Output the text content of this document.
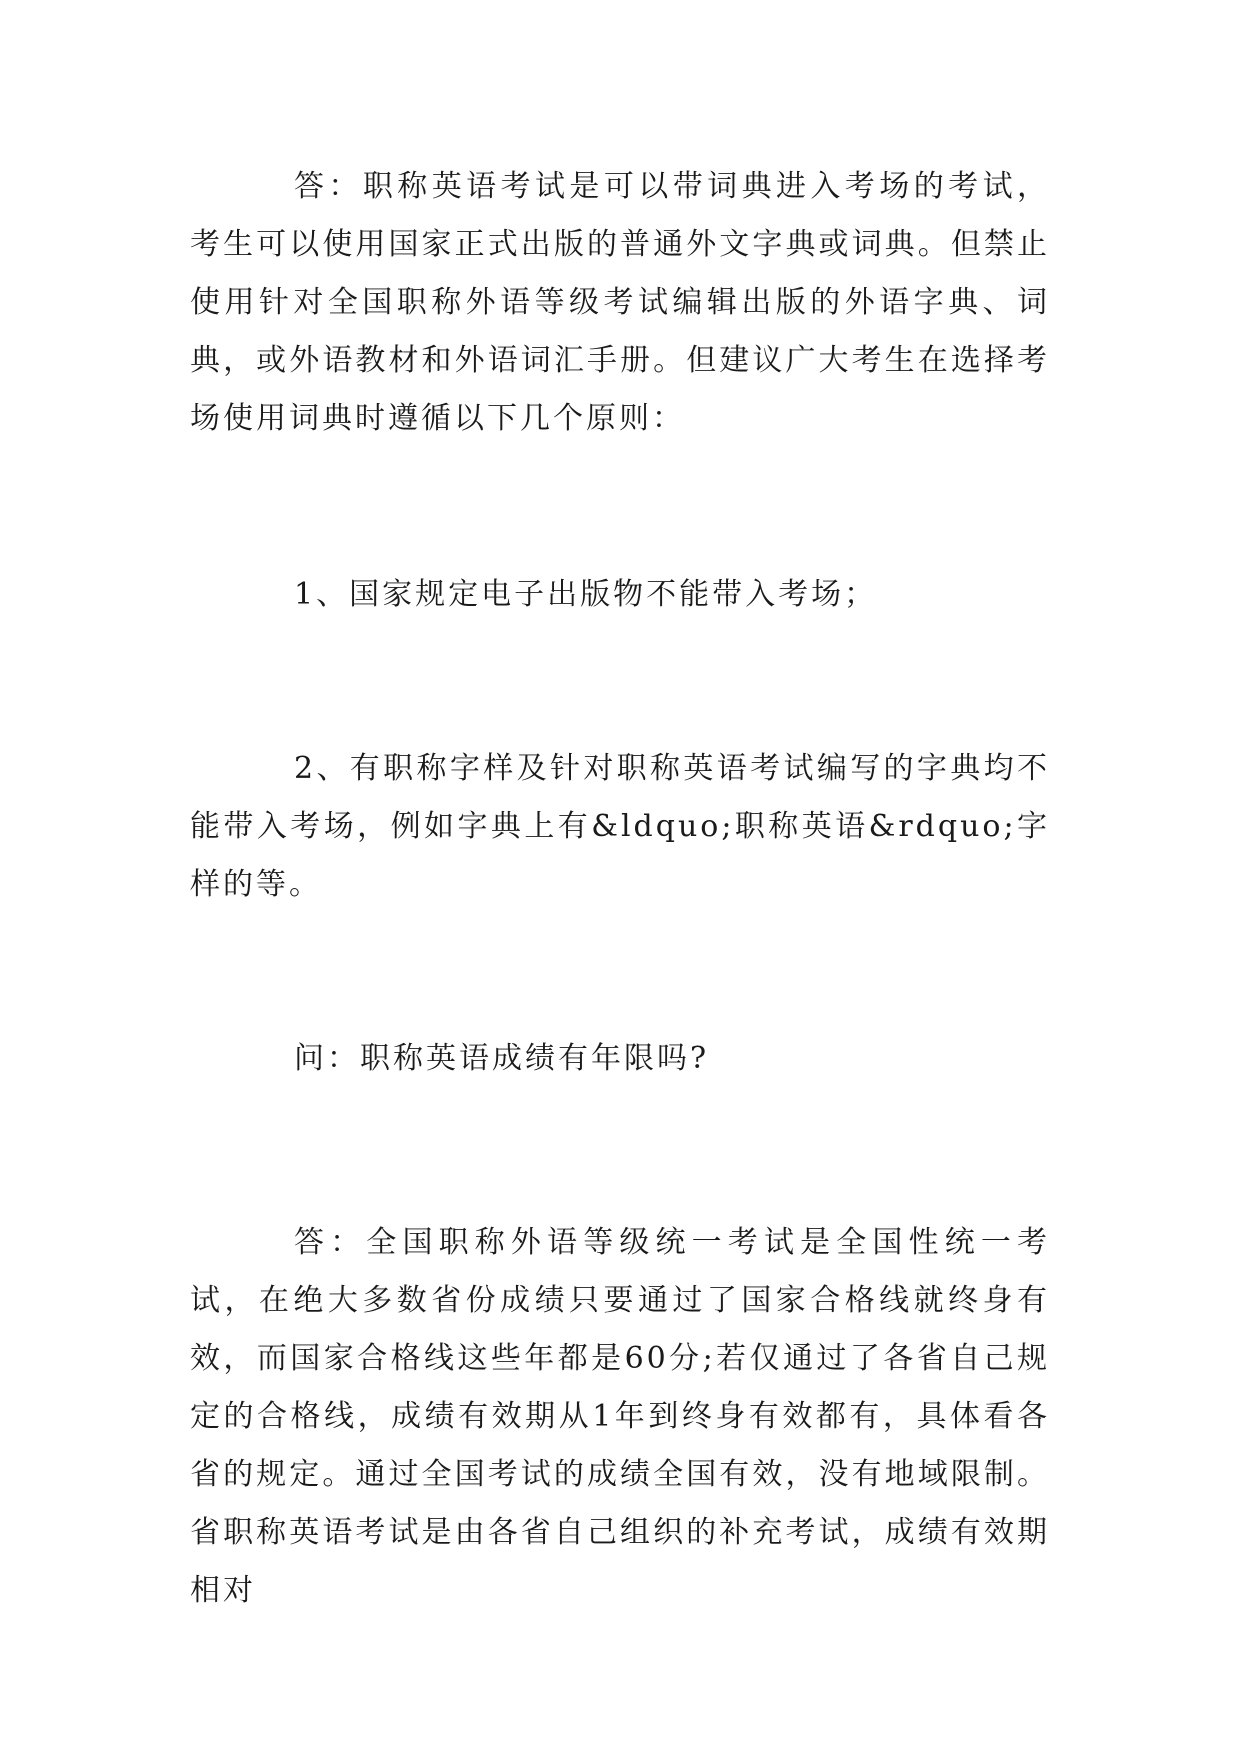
答：职称英语考试是可以带词典进入考场的考试，考生可以使用国家正式出版的普通外文字典或词典。但禁止使用针对全国职称外语等级考试编辑出版的外语字典、词典，或外语教材和外语词汇手册。但建议广大考生在选择考场使用词典时遵循以下几个原则：

1、国家规定电子出版物不能带入考场；

2、有职称字样及针对职称英语考试编写的字典均不能带入考场，例如字典上有&ldquo;职称英语&rdquo;字样的等。

问：职称英语成绩有年限吗?

答：全国职称外语等级统一考试是全国性统一考试，在绝大多数省份成绩只要通过了国家合格线就终身有效，而国家合格线这些年都是60分;若仅通过了各省自己规定的合格线，成绩有效期从1年到终身有效都有，具体看各省的规定。通过全国考试的成绩全国有效，没有地域限制。 省职称英语考试是由各省自己组织的补充考试，成绩有效期相对
